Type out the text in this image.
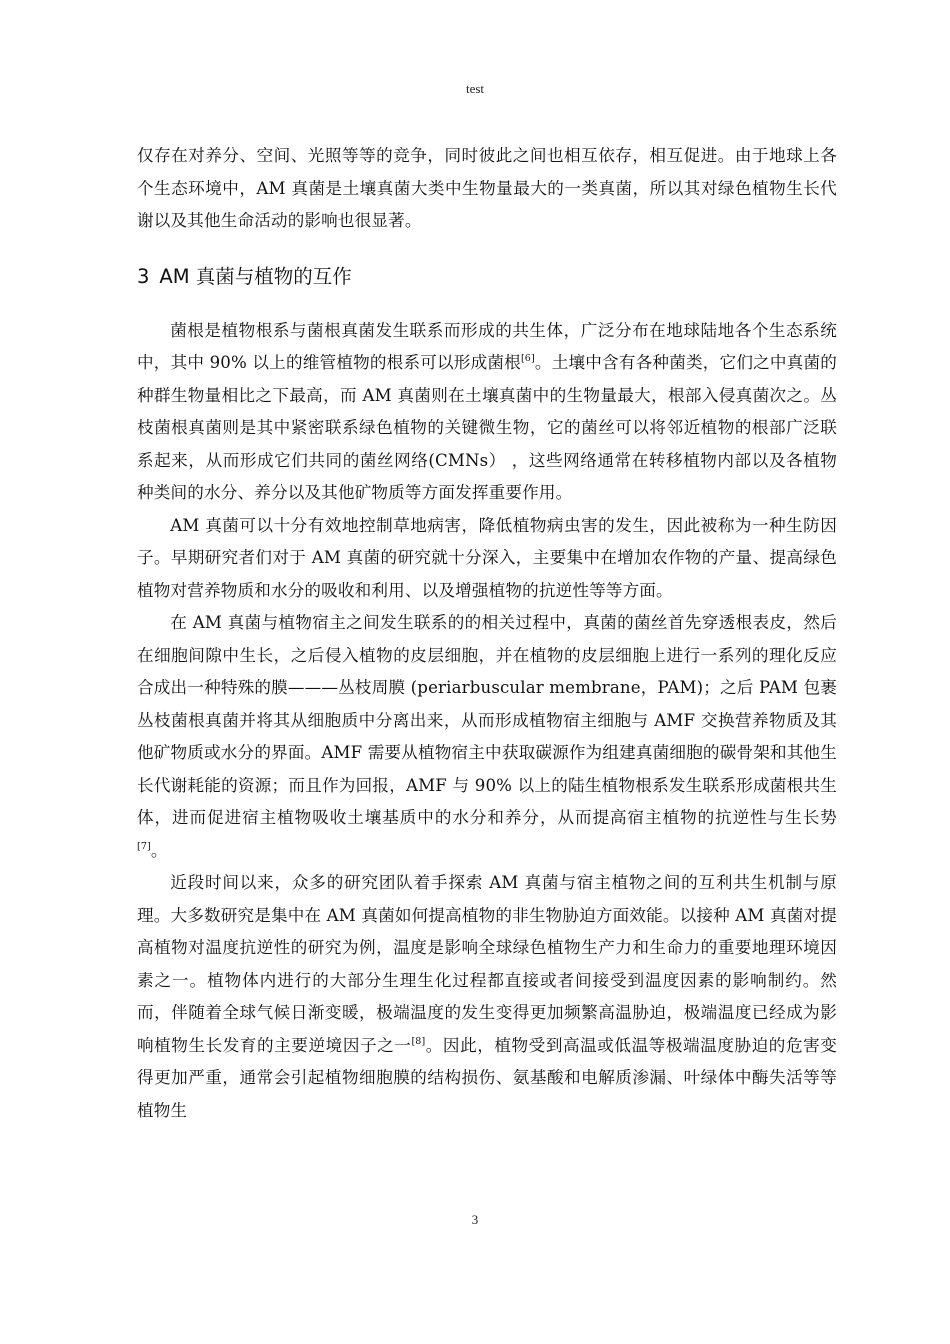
test

仅存在对养分、空间、光照等等的竞争，同时彼此之间也相互依存，相互促进。由于地球上各个生态环境中，AM 真菌是土壤真菌大类中生物量最大的一类真菌，所以其对绿色植物生长代谢以及其他生命活动的影响也很显著。

3 AM 真菌与植物的互作

菌根是植物根系与菌根真菌发生联系而形成的共生体，广泛分布在地球陆地各个生态系统中，其中 90% 以上的维管植物的根系可以形成菌根[6]。土壤中含有各种菌类，它们之中真菌的种群生物量相比之下最高，而 AM 真菌则在土壤真菌中的生物量最大，根部入侵真菌次之。丛枝菌根真菌则是其中紧密联系绿色植物的关键微生物，它的菌丝可以将邻近植物的根部广泛联系起来，从而形成它们共同的菌丝网络(CMNs） ，这些网络通常在转移植物内部以及各植物种类间的水分、养分以及其他矿物质等方面发挥重要作用。

AM 真菌可以十分有效地控制草地病害，降低植物病虫害的发生，因此被称为一种生防因子。早期研究者们对于 AM 真菌的研究就十分深入，主要集中在增加农作物的产量、提高绿色植物对营养物质和水分的吸收和利用、以及增强植物的抗逆性等等方面。

在 AM 真菌与植物宿主之间发生联系的的相关过程中，真菌的菌丝首先穿透根表皮，然后在细胞间隙中生长，之后侵入植物的皮层细胞，并在植物的皮层细胞上进行一系列的理化反应合成出一种特殊的膜———丛枝周膜 (periarbuscular membrane，PAM)；之后 PAM 包裹丛枝菌根真菌并将其从细胞质中分离出来，从而形成植物宿主细胞与 AMF 交换营养物质及其他矿物质或水分的界面。AMF 需要从植物宿主中获取碳源作为组建真菌细胞的碳骨架和其他生长代谢耗能的资源；而且作为回报，AMF 与 90% 以上的陆生植物根系发生联系形成菌根共生体，进而促进宿主植物吸收土壤基质中的水分和养分，从而提高宿主植物的抗逆性与生长势[7]。

近段时间以来，众多的研究团队着手探索 AM 真菌与宿主植物之间的互利共生机制与原理。大多数研究是集中在 AM 真菌如何提高植物的非生物胁迫方面效能。以接种 AM 真菌对提高植物对温度抗逆性的研究为例，温度是影响全球绿色植物生产力和生命力的重要地理环境因素之一。植物体内进行的大部分生理生化过程都直接或者间接受到温度因素的影响制约。然而，伴随着全球气候日渐变暖，极端温度的发生变得更加频繁高温胁迫，极端温度已经成为影响植物生长发育的主要逆境因子之一[8]。因此，植物受到高温或低温等极端温度胁迫的危害变得更加严重，通常会引起植物细胞膜的结构损伤、氨基酸和电解质渗漏、叶绿体中酶失活等等植物生

3
